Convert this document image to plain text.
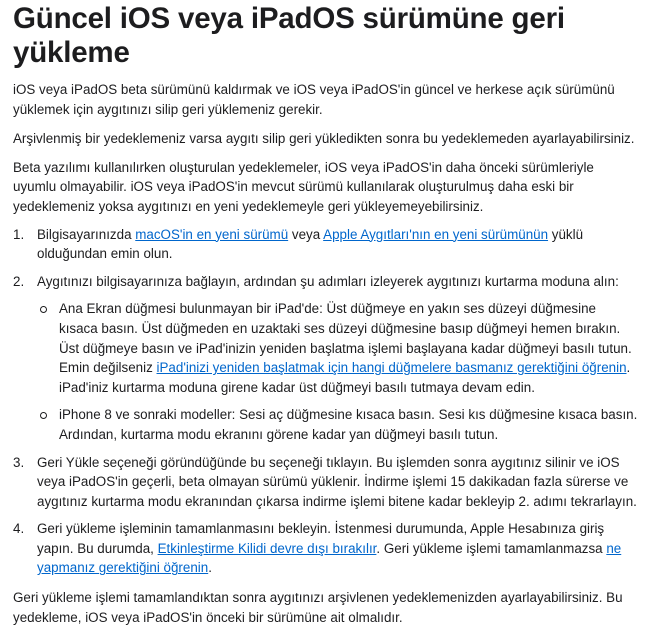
Güncel iOS veya iPadOS sürümüne geri yükleme

iOS veya iPadOS beta sürümünü kaldırmak ve iOS veya iPadOS'in güncel ve herkese açık sürümünü yüklemek için aygıtınızı silip geri yüklemeniz gerekir.

Arşivlenmiş bir yedeklemeniz varsa aygıtı silip geri yükledikten sonra bu yedeklemeden ayarlayabilirsiniz.

Beta yazılımı kullanılırken oluşturulan yedeklemeler, iOS veya iPadOS'in daha önceki sürümleriyle uyumlu olmayabilir. iOS veya iPadOS'in mevcut sürümü kullanılarak oluşturulmuş daha eski bir yedeklemeniz yoksa aygıtınızı en yeni yedeklemeyle geri yükleyemeyebilirsiniz.

1. Bilgisayarınızda macOS'in en yeni sürümü veya Apple Aygıtları'nın en yeni sürümünün yüklü olduğundan emin olun.
2. Aygıtınızı bilgisayarınıza bağlayın, ardından şu adımları izleyerek aygıtınızı kurtarma moduna alın:
Ana Ekran düğmesi bulunmayan bir iPad'de: Üst düğmeye en yakın ses düzeyi düğmesine kısaca basın. Üst düğmeden en uzaktaki ses düzeyi düğmesine basıp düğmeyi hemen bırakın. Üst düğmeye basın ve iPad'inizin yeniden başlatma işlemi başlayana kadar düğmeyi basılı tutun. Emin değilseniz iPad'inizi yeniden başlatmak için hangi düğmelere basmanız gerektiğini öğrenin. iPad'iniz kurtarma moduna girene kadar üst düğmeyi basılı tutmaya devam edin.
iPhone 8 ve sonraki modeller: Sesi aç düğmesine kısaca basın. Sesi kıs düğmesine kısaca basın. Ardından, kurtarma modu ekranını görene kadar yan düğmeyi basılı tutun.
3. Geri Yükle seçeneği göründüğünde bu seçeneği tıklayın. Bu işlemden sonra aygıtınız silinir ve iOS veya iPadOS'in geçerli, beta olmayan sürümü yüklenir. İndirme işlemi 15 dakikadan fazla sürerse ve aygıtınız kurtarma modu ekranından çıkarsa indirme işlemi bitene kadar bekleyip 2. adımı tekrarlayın.
4. Geri yükleme işleminin tamamlanmasını bekleyin. İstenmesi durumunda, Apple Hesabınıza giriş yapın. Bu durumda, Etkinleştirme Kilidi devre dışı bırakılır. Geri yükleme işlemi tamamlanmazsa ne yapmanız gerektiğini öğrenin.

Geri yükleme işlemi tamamlandıktan sonra aygıtınızı arşivlenen yedeklemenizden ayarlayabilirsiniz. Bu yedekleme, iOS veya iPadOS'in önceki bir sürümüne ait olmalıdır.
